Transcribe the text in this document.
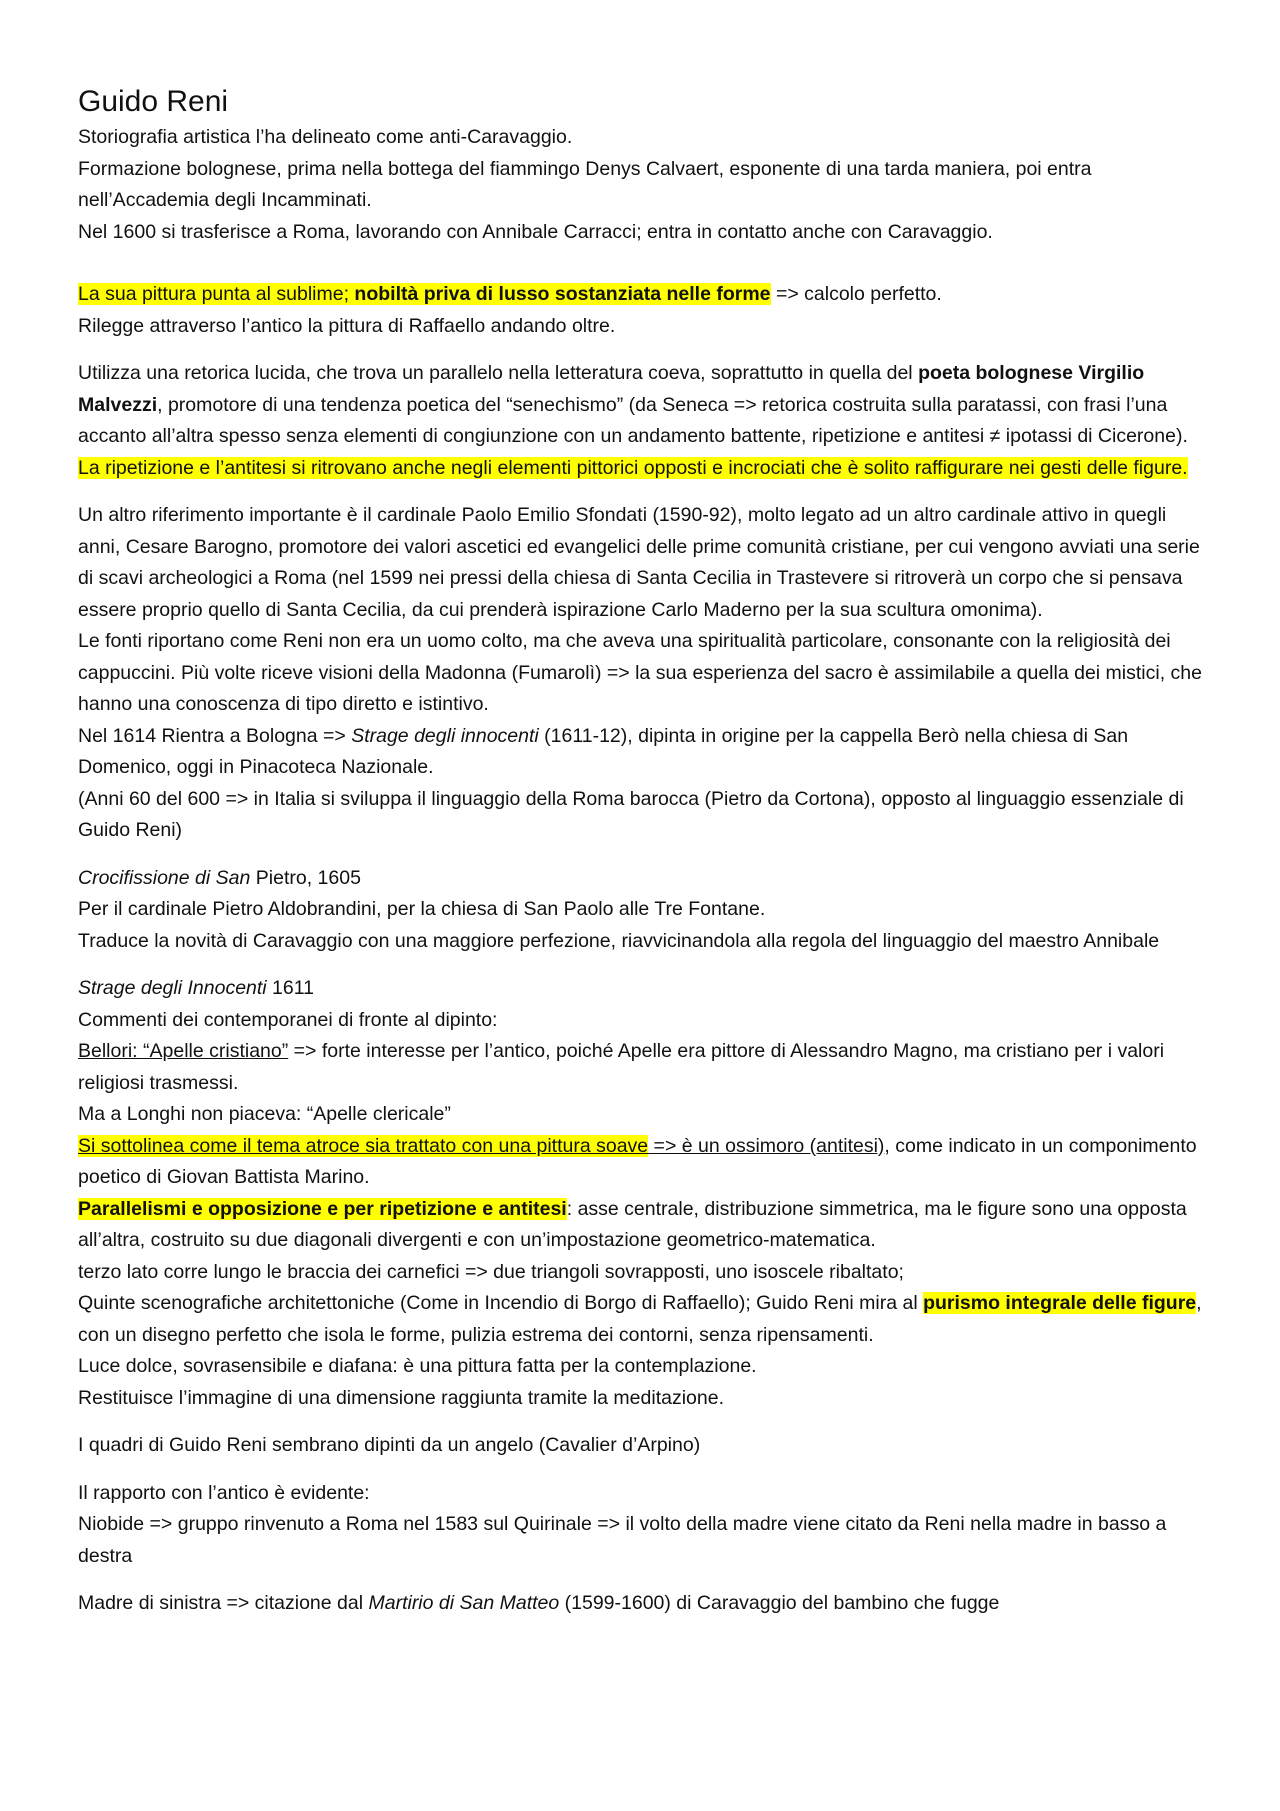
Guido Reni

Storiografia artistica l’ha delineato come anti-Caravaggio.

Formazione bolognese, prima nella bottega del fiammingo Denys Calvaert, esponente di una tarda maniera, poi entra nell’Accademia degli Incamminati.

Nel 1600 si trasferisce a Roma, lavorando con Annibale Carracci; entra in contatto anche con Caravaggio.

La sua pittura punta al sublime; nobiltà priva di lusso sostanziata nelle forme => calcolo perfetto.

Rilegge attraverso l’antico la pittura di Raffaello andando oltre.

Utilizza una retorica lucida, che trova un parallelo nella letteratura coeva, soprattutto in quella del poeta bolognese Virgilio Malvezzi, promotore di una tendenza poetica del “senechismo” (da Seneca => retorica costruita sulla paratassi, con frasi l’una accanto all’altra spesso senza elementi di congiunzione con un andamento battente, ripetizione e antitesi ≠ ipotassi di Cicerone). La ripetizione e l’antitesi si ritrovano anche negli elementi pittorici opposti e incrociati che è solito raffigurare nei gesti delle figure.

Un altro riferimento importante è il cardinale Paolo Emilio Sfondati (1590-92), molto legato ad un altro cardinale attivo in quegli anni, Cesare Barogno, promotore dei valori ascetici ed evangelici delle prime comunità cristiane, per cui vengono avviati una serie di scavi archeologici a Roma (nel 1599 nei pressi della chiesa di Santa Cecilia in Trastevere si ritroverà un corpo che si pensava essere proprio quello di Santa Cecilia, da cui prenderà ispirazione Carlo Maderno per la sua scultura omonima).

Le fonti riportano come Reni non era un uomo colto, ma che aveva una spiritualità particolare, consonante con la religiosità dei cappuccini. Più volte riceve visioni della Madonna (Fumarolì) => la sua esperienza del sacro è assimilabile a quella dei mistici, che hanno una conoscenza di tipo diretto e istintivo.

Nel 1614 Rientra a Bologna => Strage degli innocenti (1611-12), dipinta in origine per la cappella Berò nella chiesa di San Domenico, oggi in Pinacoteca Nazionale.

(Anni 60 del 600 => in Italia si sviluppa il linguaggio della Roma barocca (Pietro da Cortona), opposto al linguaggio essenziale di Guido Reni)

Crocifissione di San Pietro, 1605

Per il cardinale Pietro Aldobrandini, per la chiesa di San Paolo alle Tre Fontane.

Traduce la novità di Caravaggio con una maggiore perfezione, riavvicinandola alla regola del linguaggio del maestro Annibale

Strage degli Innocenti 1611

Commenti dei contemporanei di fronte al dipinto:

Bellori: “Apelle cristiano” => forte interesse per l’antico, poiché Apelle era pittore di Alessandro Magno, ma cristiano per i valori religiosi trasmessi.

Ma a Longhi non piaceva: “Apelle clericale”

Si sottolinea come il tema atroce sia trattato con una pittura soave => è un ossimoro (antitesi), come indicato in un componimento poetico di Giovan Battista Marino.

Parallelismi e opposizione e per ripetizione e antitesi: asse centrale, distribuzione simmetrica, ma le figure sono una opposta all’altra, costruito su due diagonali divergenti e con un’impostazione geometrico-matematica.

terzo lato corre lungo le braccia dei carnefici => due triangoli sovrapposti, uno isoscele ribaltato;

Quinte scenografiche architettoniche (Come in Incendio di Borgo di Raffaello); Guido Reni mira al purismo integrale delle figure, con un disegno perfetto che isola le forme, pulizia estrema dei contorni, senza ripensamenti.

Luce dolce, sovrasensibile e diafana: è una pittura fatta per la contemplazione.

Restituisce l’immagine di una dimensione raggiunta tramite la meditazione.

I quadri di Guido Reni sembrano dipinti da un angelo (Cavalier d’Arpino)

Il rapporto con l’antico è evidente:

Niobide => gruppo rinvenuto a Roma nel 1583 sul Quirinale => il volto della madre viene citato da Reni nella madre in basso a destra

Madre di sinistra => citazione dal Martirio di San Matteo (1599-1600) di Caravaggio del bambino che fugge
